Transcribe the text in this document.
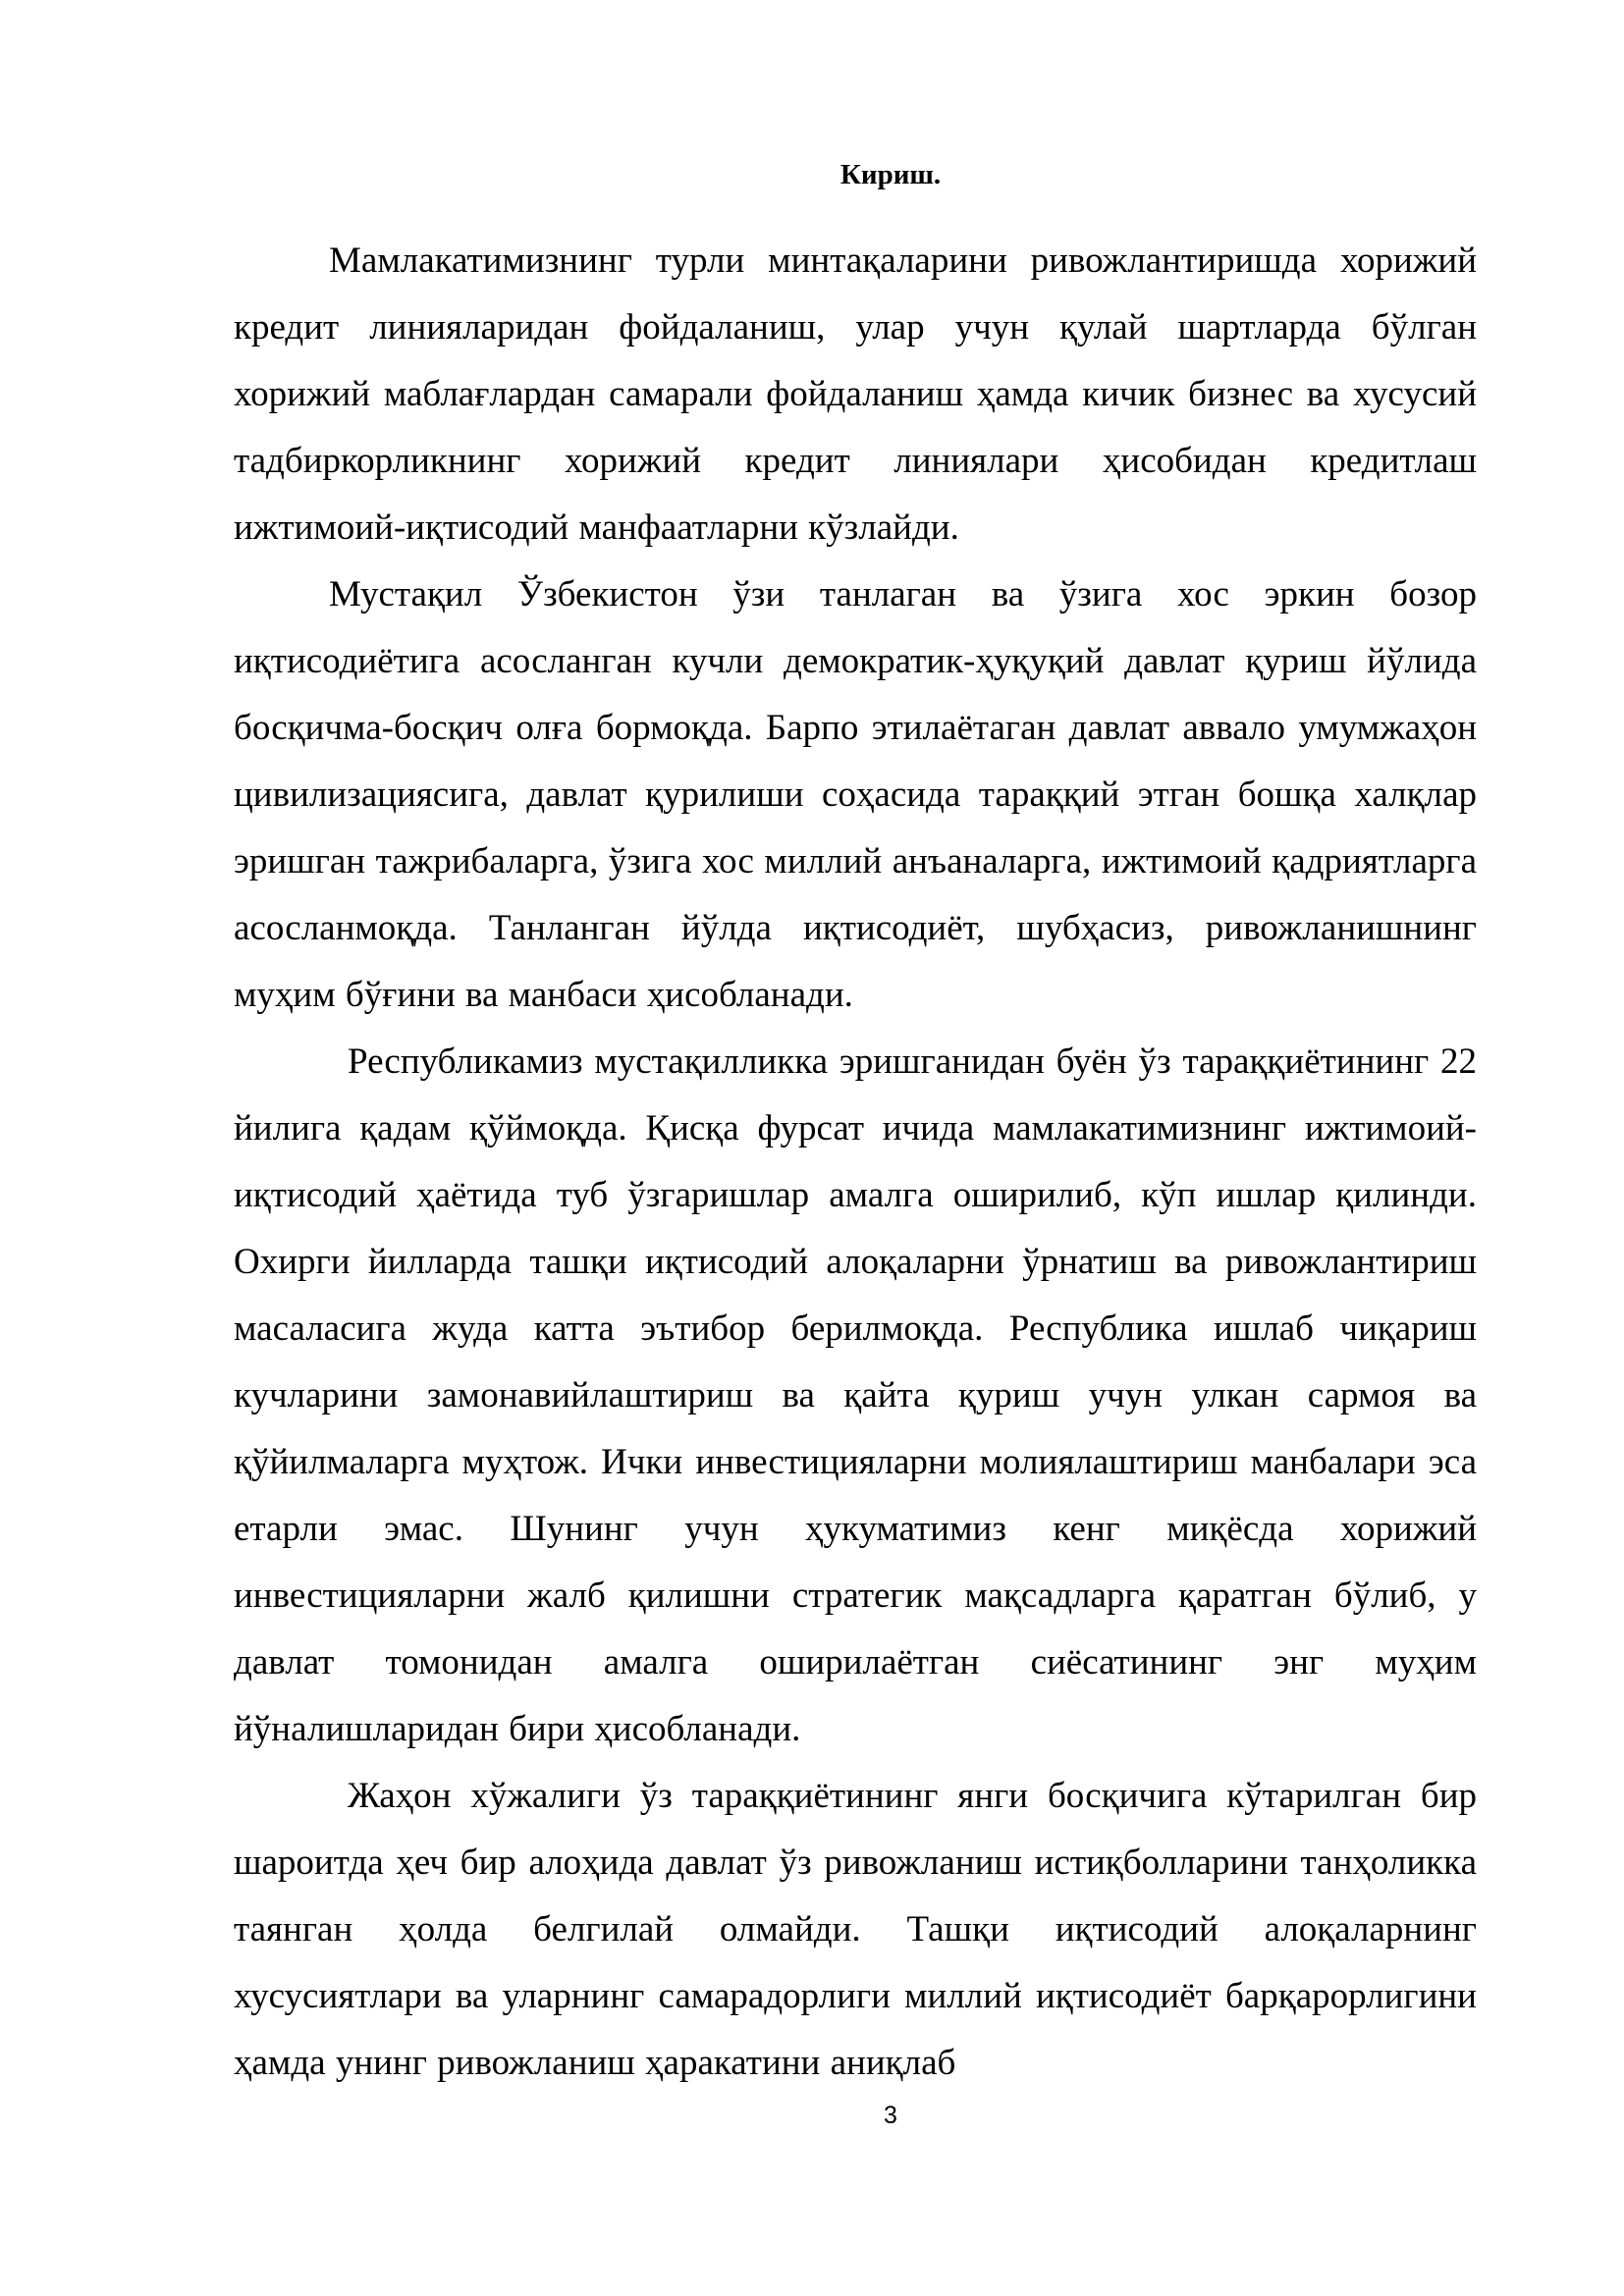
Кириш.

Мамлакатимизнинг турли минтақаларини ривожлантиришда хорижий кредит линияларидан фойдаланиш, улар учун қулай шартларда бўлган хорижий маблағлардан самарали фойдаланиш ҳамда кичик бизнес ва хусусий тадбиркорликнинг хорижий кредит линиялари ҳисобидан кредитлаш ижтимоий-иқтисодий манфаатларни кўзлайди.

Мустақил Ўзбекистон ўзи танлаган ва ўзига хос эркин бозор иқтисодиётига асосланган кучли демократик-ҳуқуқий давлат қуриш йўлида босқичма-босқич олға бормоқда. Барпо этилаётаган давлат аввало умумжаҳон цивилизациясига, давлат қурилиши соҳасида тараққий этган бошқа халқлар эришган тажрибаларга, ўзига хос миллий анъаналарга, ижтимоий қадриятларга асосланмоқда. Танланган йўлда иқтисодиёт, шубҳасиз, ривожланишнинг муҳим бўғини ва манбаси ҳисобланади.

Республикамиз мустақилликка эришганидан буён ўз тараққиётининг 22 йилига қадам қўймоқда. Қисқа фурсат ичида мамлакатимизнинг ижтимоий-иқтисодий ҳаётида туб ўзгаришлар амалга оширилиб, кўп ишлар қилинди. Охирги йилларда ташқи иқтисодий алоқаларни ўрнатиш ва ривожлантириш масаласига жуда катта эътибор берилмоқда. Республика ишлаб чиқариш кучларини замонавийлаштириш ва қайта қуриш учун улкан сармоя ва қўйилмаларга муҳтож. Ички инвестицияларни молиялаштириш манбалари эса етарли эмас. Шунинг учун ҳукуматимиз кенг миқёсда хорижий инвестицияларни жалб қилишни стратегик мақсадларга қаратган бўлиб, у давлат томонидан амалга оширилаётган сиёсатининг энг муҳим йўналишларидан бири ҳисобланади.

Жаҳон хўжалиги ўз тараққиётининг янги босқичига кўтарилган бир шароитда ҳеч бир алоҳида давлат ўз ривожланиш истиқболларини танҳоликка таянган ҳолда белгилай олмайди. Ташқи иқтисодий алоқаларнинг хусусиятлари ва уларнинг самарадорлиги миллий иқтисодиёт барқарорлигини ҳамда унинг ривожланиш ҳаракатини аниқлаб

3
